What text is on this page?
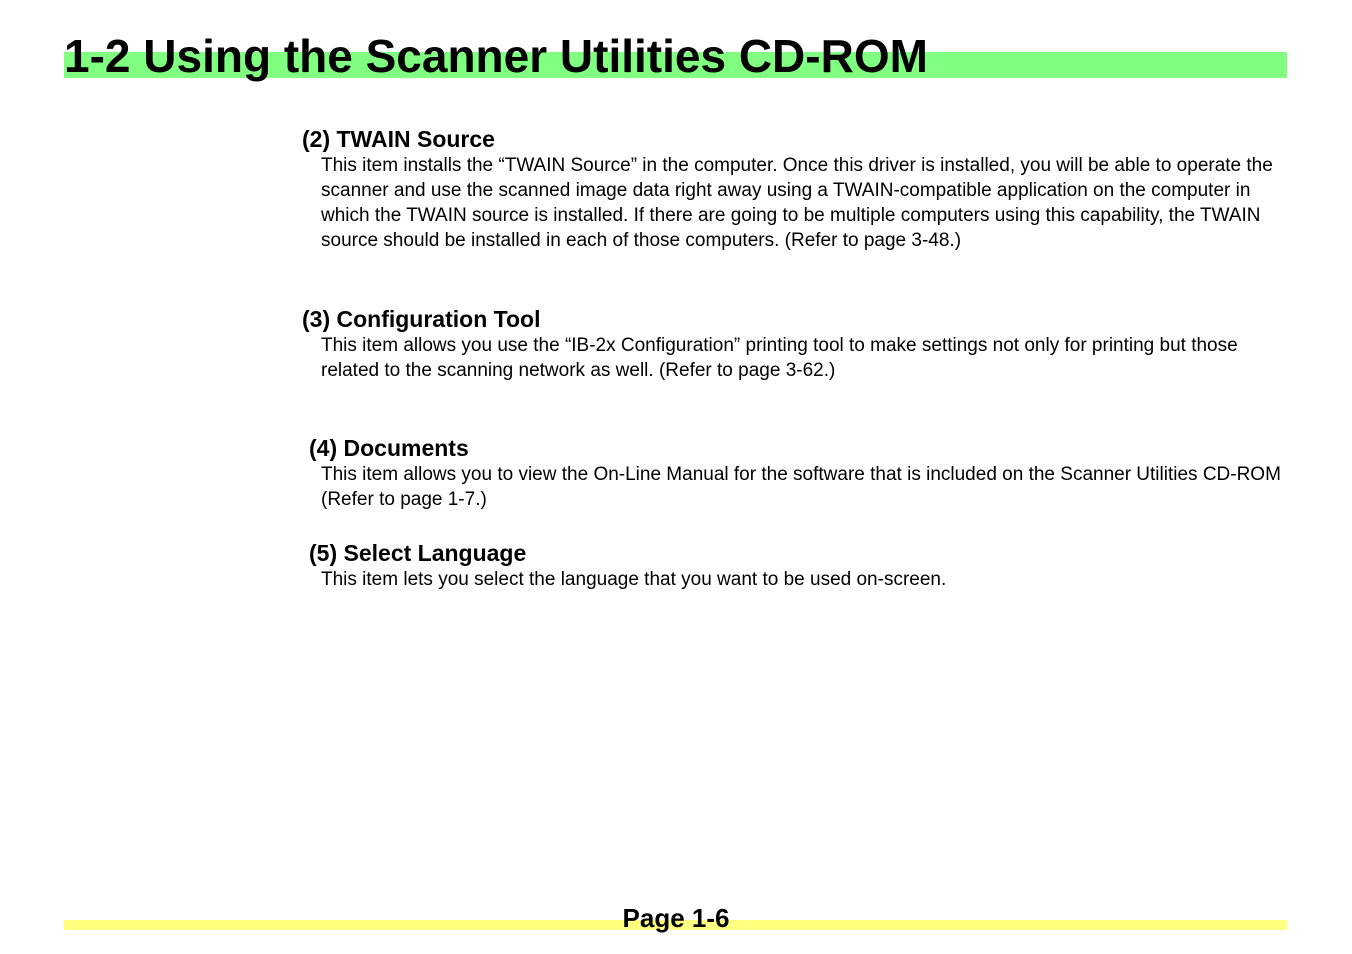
1-2 Using the Scanner Utilities CD-ROM
(2) TWAIN Source

This item installs the “TWAIN Source” in the computer. Once this driver is installed, you will be able to operate the scanner and use the scanned image data right away using a TWAIN-compatible application on the computer in which the TWAIN source is installed. If there are going to be multiple computers using this capability, the TWAIN source should be installed in each of those computers. (Refer to page 3-48.)

(3) Configuration Tool

This item allows you use the “IB-2x Configuration” printing tool to make settings not only for printing but those related to the scanning network as well. (Refer to page 3-62.)

(4) Documents

This item allows you to view the On-Line Manual for the software that is included on the Scanner Utilities CD-ROM (Refer to page 1-7.)

(5) Select Language

This item lets you select the language that you want to be used on-screen.

Page 1-6
